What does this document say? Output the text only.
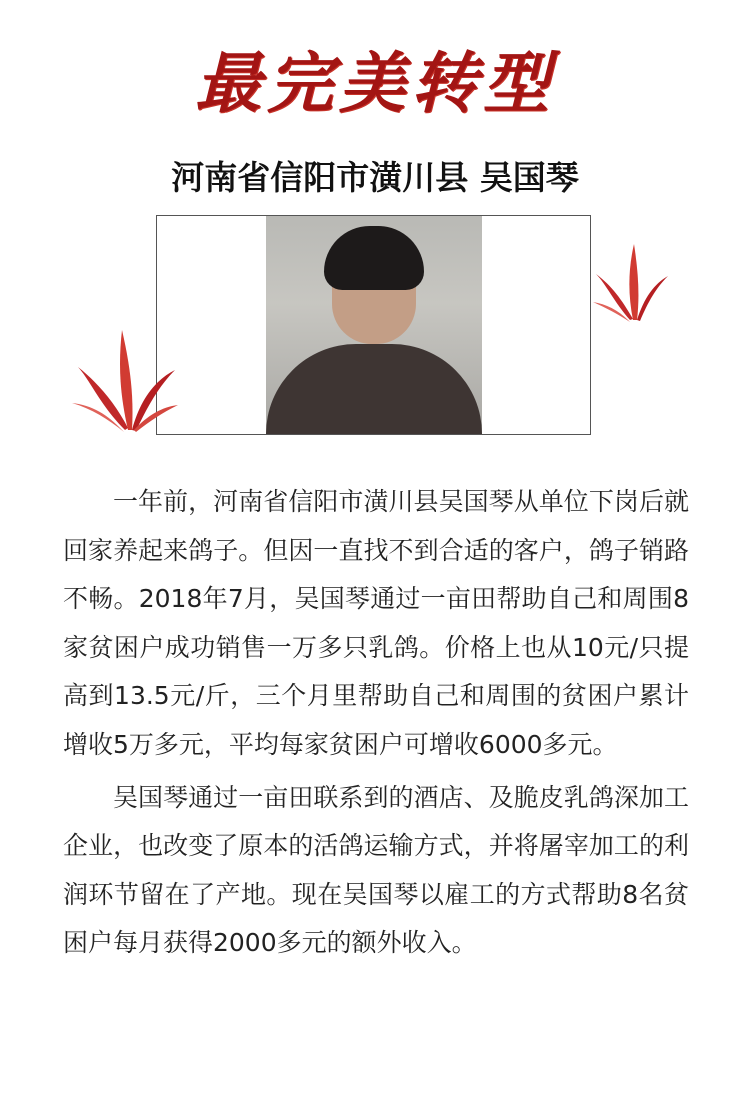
最完美转型
河南省信阳市潢川县 吴国琴

一年前，河南省信阳市潢川县吴国琴从单位下岗后就回家养起来鸽子。但因一直找不到合适的客户，鸽子销路不畅。2018年7月，吴国琴通过一亩田帮助自己和周围8家贫困户成功销售一万多只乳鸽。价格上也从10元/只提高到13.5元/斤，三个月里帮助自己和周围的贫困户累计增收5万多元，平均每家贫困户可增收6000多元。

吴国琴通过一亩田联系到的酒店、及脆皮乳鸽深加工企业，也改变了原本的活鸽运输方式，并将屠宰加工的利润环节留在了产地。现在吴国琴以雇工的方式帮助8名贫困户每月获得2000多元的额外收入。
